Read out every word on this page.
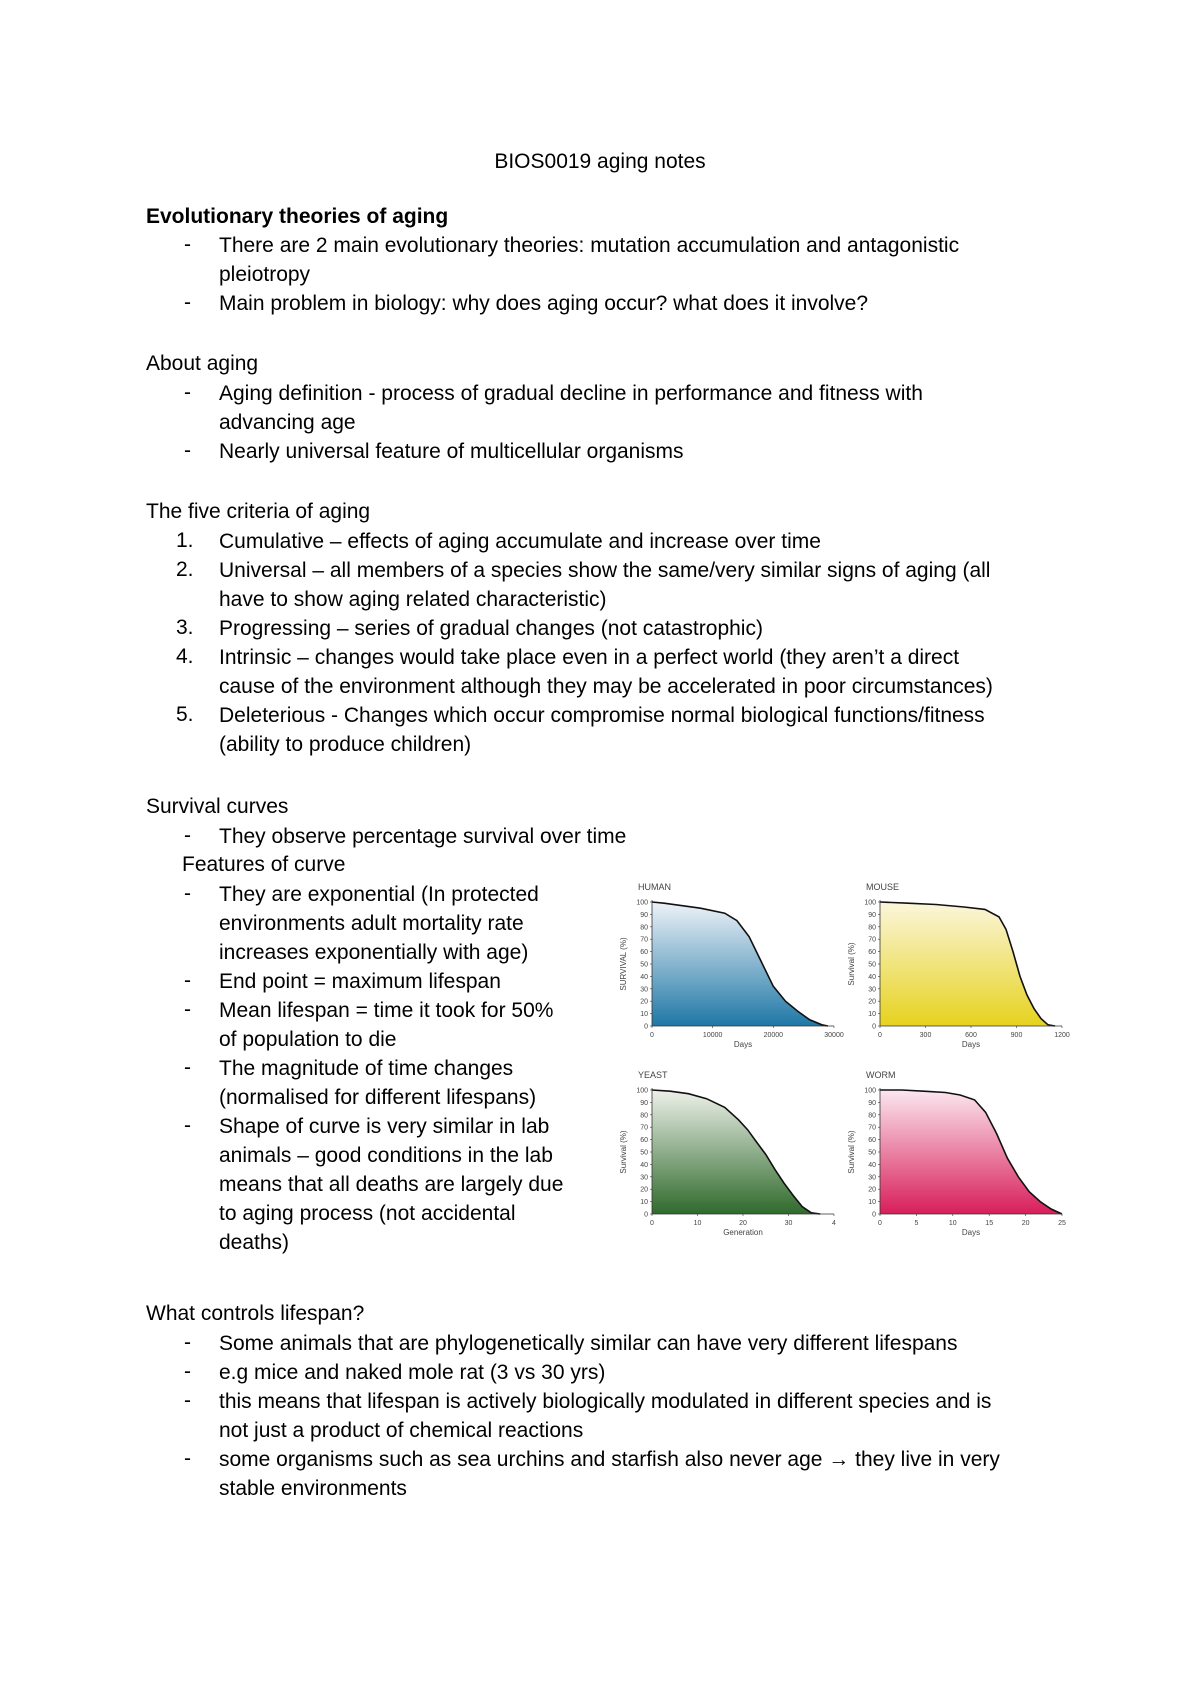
BIOS0019 aging notes
Evolutionary theories of aging
- There are 2 main evolutionary theories: mutation accumulation and antagonistic
pleiotropy
- Main problem in biology: why does aging occur? what does it involve?
About aging
- Aging definition - process of gradual decline in performance and fitness with
advancing age
- Nearly universal feature of multicellular organisms
The five criteria of aging
1.	Cumulative – effects of aging accumulate and increase over time
2.	Universal – all members of a species show the same/very similar signs of aging (all
have to show aging related characteristic)
3.	Progressing – series of gradual changes (not catastrophic)
4.	Intrinsic – changes would take place even in a perfect world (they aren’t a direct
cause of the environment although they may be accelerated in poor circumstances)
5.	Deleterious - Changes which occur compromise normal biological functions/fitness
(ability to produce children)
Survival curves
- They observe percentage survival over time
Features of curve
- They are exponential (In protected
environments adult mortality rate
increases exponentially with age)
- End point = maximum lifespan
- Mean lifespan = time it took for 50%
of population to die
- The magnitude of time changes
(normalised for different lifespans)
- Shape of curve is very similar in lab
animals – good conditions in the lab
means that all deaths are largely due
to aging process (not accidental
deaths)
HUMAN
0
10
20
30
40
50
60
70
80
90
100
0	10000	20000	30000
Days
SURVIVAL (%)
MOUSE
0
10
20
30
40
50
60
70
80
90
100
0	300	600	900	1200
Days
Survival (%)
YEAST
0
10
20
30
40
50
60
70
80
90
100
0	10	20	30	4
Generation
Survival (%)
WORM
0
10
20
30
40
50
60
70
80
90
100
0	5	10	15	20	25
Days
Survival (%)
What controls lifespan?
- Some animals that are phylogenetically similar can have very different lifespans
- e.g mice and naked mole rat (3 vs 30 yrs)
- this means that lifespan is actively biologically modulated in different species and is
not just a product of chemical reactions
- some organisms such as sea urchins and starfish also never age → they live in very
stable environments
